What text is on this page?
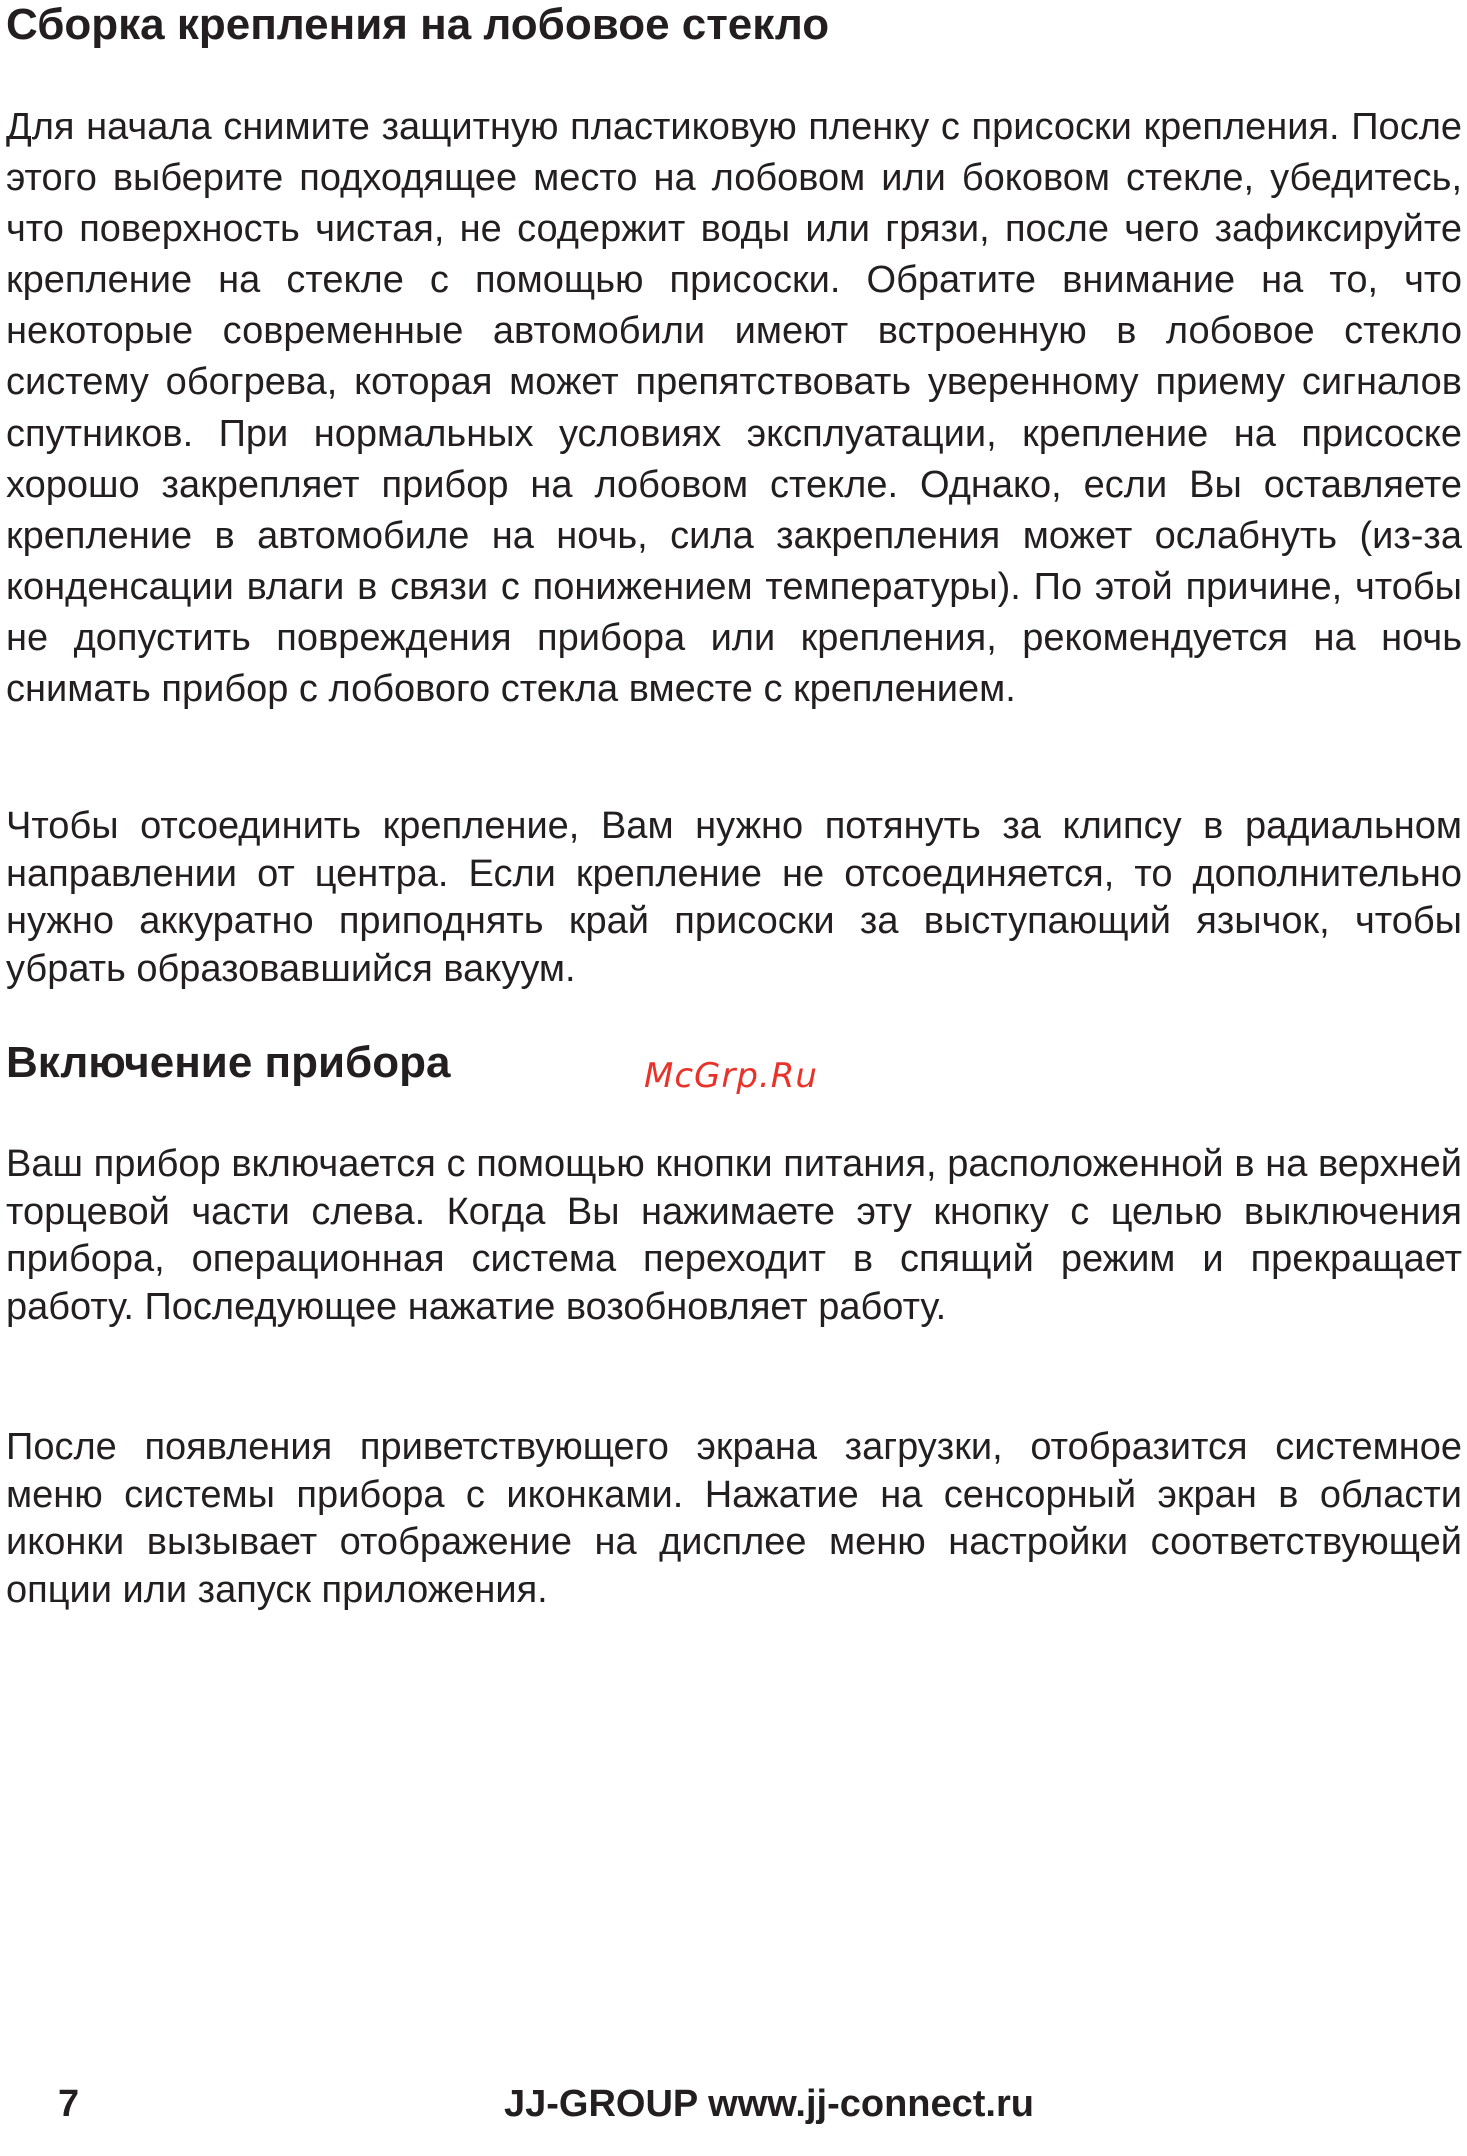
Сборка крепления на лобовое стекло

Для начала снимите защитную пластиковую пленку с присоски крепления. После этого выберите подходящее место на лобовом или боковом стекле, убедитесь, что поверхность чистая, не содержит воды или грязи, после чего зафиксируйте крепление на стекле с помощью присоски. Обратите внимание на то, что некоторые современные автомобили имеют встроенную в лобовое стекло систему обогрева, которая может препятствовать уверенному приему сигналов спутников. При нормальных условиях эксплуатации, крепление на присоске хорошо закрепляет прибор на лобовом стекле. Однако, если Вы оставляете крепление в автомобиле на ночь, сила закрепления может ослабнуть (из-за конденсации влаги в связи с понижением температуры). По этой причине, чтобы не допустить повреждения прибора или крепления, рекомендуется на ночь снимать прибор с лобового стекла вместе с креплением.

Чтобы отсоединить крепление, Вам нужно потянуть за клипсу в радиальном направлении от центра. Если крепление не отсоединяется, то дополнительно нужно аккуратно приподнять край присоски за выступающий язычок, чтобы убрать образовавшийся вакуум.

Включение прибора	McGrp.Ru

Ваш прибор включается с помощью кнопки питания, расположенной в на верхней торцевой части слева. Когда Вы нажимаете эту кнопку с целью выключения прибора, операционная система переходит в спящий режим и прекращает работу. Последующее нажатие возобновляет работу.

После появления приветствующего экрана загрузки, отобразится системное меню системы прибора с иконками. Нажатие на сенсорный экран в области иконки вызывает отображение на дисплее меню настройки соответствующей опции или запуск приложения.

7	JJ-GROUP www.jj-connect.ru
